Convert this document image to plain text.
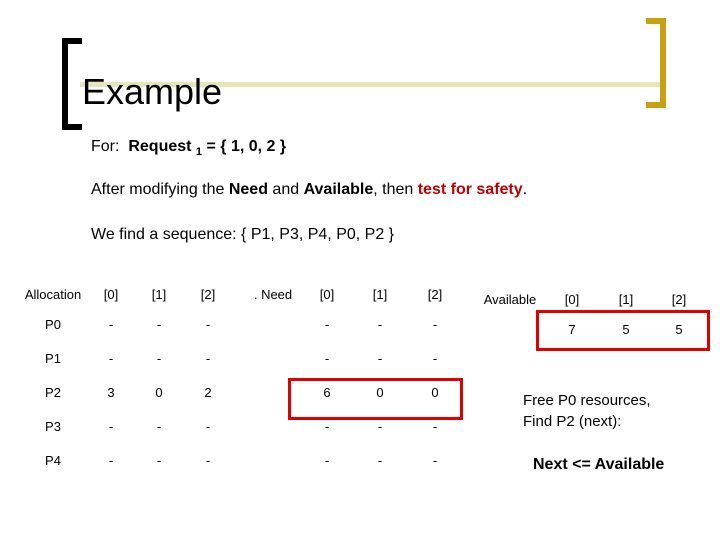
Example
For: Request $_1$ = { 1, 0, 2 }
After modifying the Need and Available, then test for safety.
We find a sequence: { P1, P3, P4, P0, P2 }
Allocation	[0]	[1]	[2]
P0	-	-	-
P1	-	-	-
P2	3	0	2
P3	-	-	-
P4	-	-	-
. Need	[0]	[1]	[2]
	-	-	-
	-	-	-
	6	0	0
	-	-	-
	-	-	-
Available	[0]	[1]	[2]
	7	5	5
Free P0 resources,
Find P2 (next):
Next <= Available
